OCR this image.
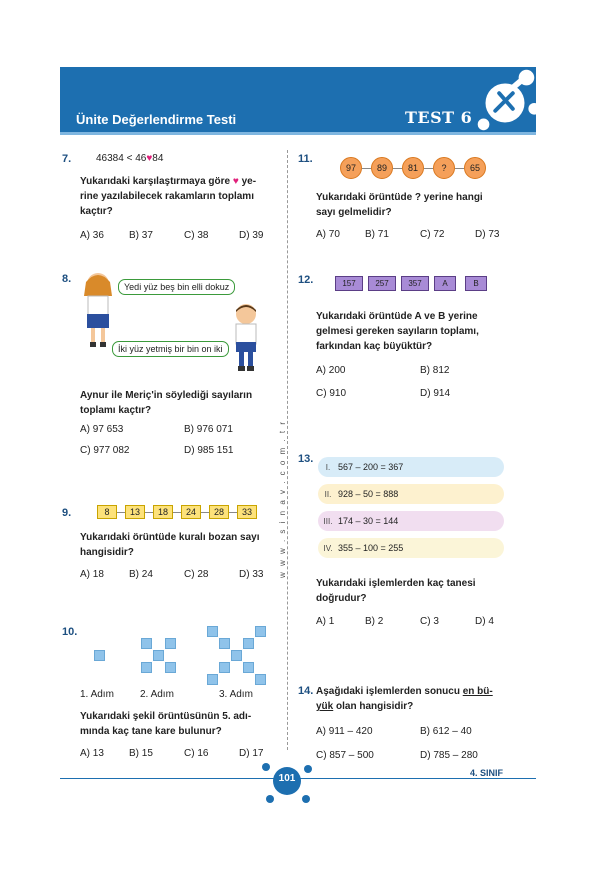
Ünite Değerlendirme Testi	TEST 6
w w w . s i n a v . c o m . t r
7. 46384 < 46♥84
Yukarıdaki karşılaştırmaya göre ♥ ye-
rine yazılabilecek rakamların toplamı
kaçtır?
A) 36	B) 37	C) 38	D) 39
8.
Yedi yüz beş bin elli dokuz
İki yüz yetmiş bir bin on iki
Aynur ile Meriç'in söylediği sayıların
toplamı kaçtır?
A) 97 653	B) 976 071
C) 977 082	D) 985 151
9.	8	13	18	24	28	33
Yukarıdaki örüntüde kuralı bozan sayı
hangisidir?
A) 18	B) 24	C) 28	D) 33
10.
1. Adım	2. Adım	3. Adım
Yukarıdaki şekil örüntüsünün 5. adı-
mında kaç tane kare bulunur?
A) 13	B) 15	C) 16	D) 17
11.
97	89	81	?	65
Yukarıdaki örüntüde ? yerine hangi
sayı gelmelidir?
A) 70	B) 71	C) 72	D) 73
12.	157	257	357	A	B
Yukarıdaki örüntüde A ve B yerine
gelmesi gereken sayıların toplamı,
farkından kaç büyüktür?
A) 200	B) 812
C) 910	D) 914
13.
I. 567 – 200 = 367
II. 928 – 50 = 888
III. 174 – 30 = 144
IV. 355 – 100 = 255
Yukarıdaki işlemlerden kaç tanesi
doğrudur?
A) 1	B) 2	C) 3	D) 4
14. Aşağıdaki işlemlerden sonucu en bü-
yük olan hangisidir?
A) 911 – 420	B) 612 – 40
C) 857 – 500	D) 785 – 280
101	4. SINIF
